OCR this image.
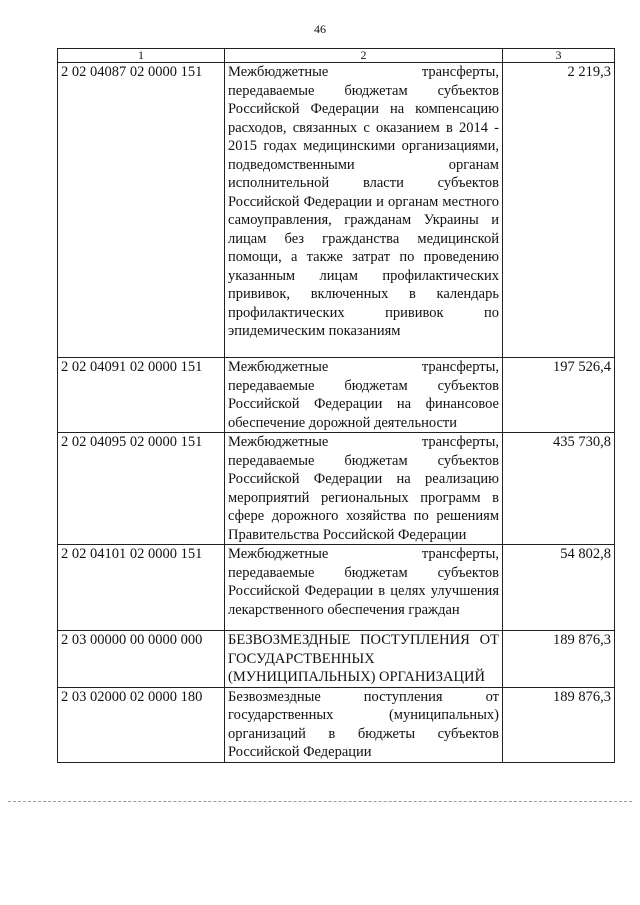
46
1	2	3
2 02 04087 02 0000 151	Межбюджетные трансферты, передаваемые бюджетам субъектов Российской Федерации на компенсацию расходов, связанных с оказанием в 2014 - 2015 годах медицинскими организациями, подведомственными органам исполнительной власти субъектов Российской Федерации и органам местного самоуправления, гражданам Украины и лицам без гражданства медицинской помощи, а также затрат по проведению указанным лицам профилактических прививок, включенных в календарь профилактических прививок по эпидемическим показаниям	2 219,3
2 02 04091 02 0000 151	Межбюджетные трансферты, передаваемые бюджетам субъектов Российской Федерации на финансовое обеспечение дорожной деятельности	197 526,4
2 02 04095 02 0000 151	Межбюджетные трансферты, передаваемые бюджетам субъектов Российской Федерации на реализацию мероприятий региональных программ в сфере дорожного хозяйства по решениям Правительства Российской Федерации	435 730,8
2 02 04101 02 0000 151	Межбюджетные трансферты, передаваемые бюджетам субъектов Российской Федерации в целях улучшения лекарственного обеспечения граждан	54 802,8
2 03 00000 00 0000 000	БЕЗВОЗМЕЗДНЫЕ ПОСТУПЛЕНИЯ ОТ ГОСУДАРСТВЕННЫХ (МУНИЦИПАЛЬНЫХ) ОРГАНИЗАЦИЙ	189 876,3
2 03 02000 02 0000 180	Безвозмездные поступления от государственных (муниципальных) организаций в бюджеты субъектов Российской Федерации	189 876,3
